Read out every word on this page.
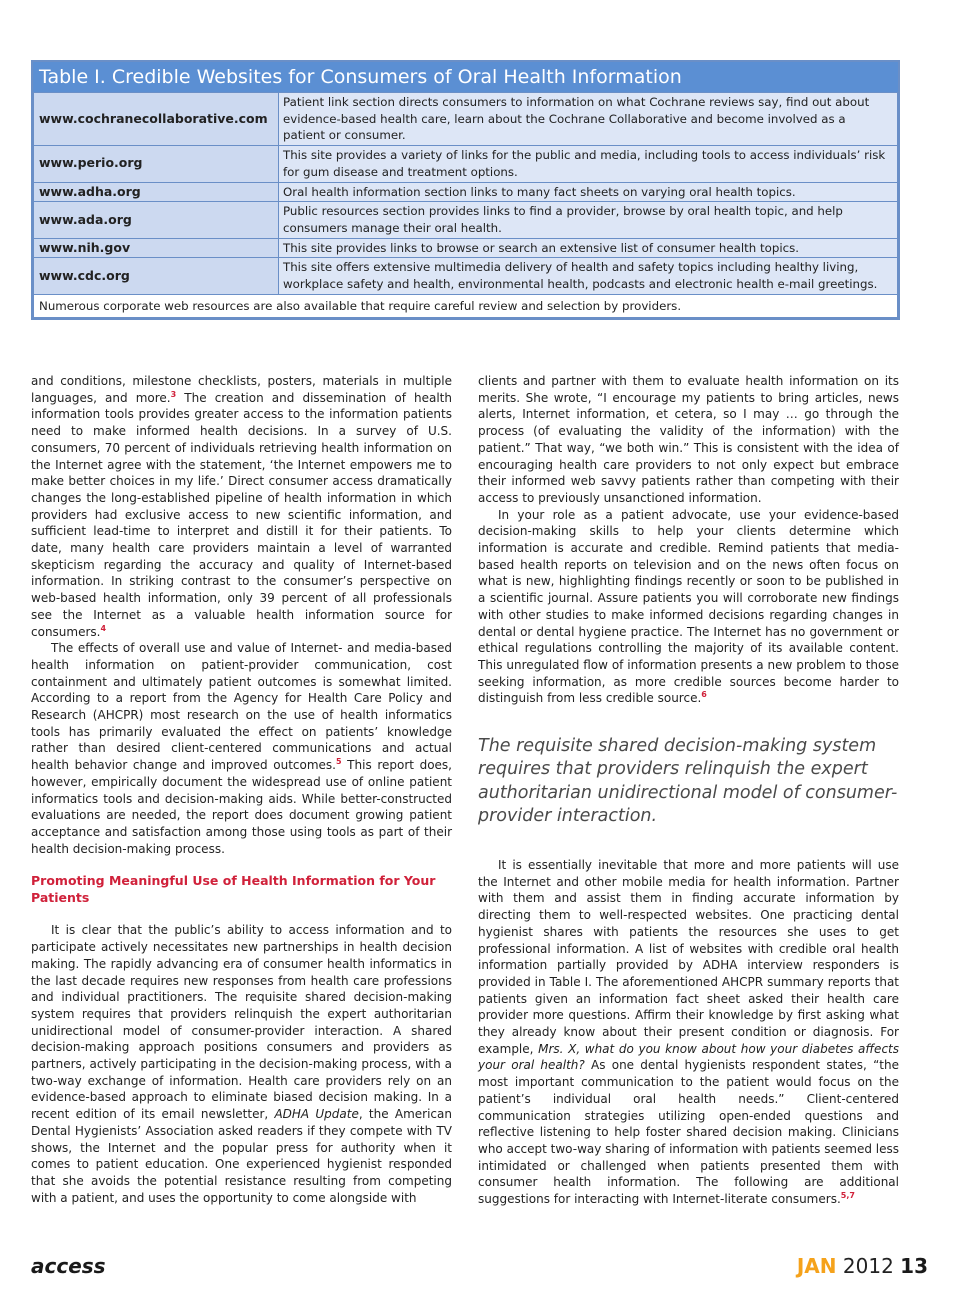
Table I. Credible Websites for Consumers of Oral Health Information
www.cochranecollaborative.com	Patient link section directs consumers to information on what Cochrane reviews say, find out about evidence-based health care, learn about the Cochrane Collaborative and become involved as a patient or consumer.
www.perio.org	This site provides a variety of links for the public and media, including tools to access individuals’ risk for gum disease and treatment options.
www.adha.org	Oral health information section links to many fact sheets on varying oral health topics.
www.ada.org	Public resources section provides links to find a provider, browse by oral health topic, and help consumers manage their oral health.
www.nih.gov	This site provides links to browse or search an extensive list of consumer health topics.
www.cdc.org	This site offers extensive multimedia delivery of health and safety topics including healthy living, workplace safety and health, environmental health, podcasts and electronic health e-mail greetings.
Numerous corporate web resources are also available that require careful review and selection by providers.	

and conditions, milestone checklists, posters, materials in multiple languages, and more.$^3$ The creation and dissemination of health information tools provides greater access to the information patients need to make informed health decisions. In a survey of U.S. consumers, 70 percent of individuals retrieving health information on the Internet agree with the statement, ‘the Internet empowers me to make better choices in my life.’ Direct consumer access dramatically changes the long-established pipeline of health information in which providers had exclusive access to new scientific information, and sufficient lead-time to interpret and distill it for their patients. To date, many health care providers maintain a level of warranted skepticism regarding the accuracy and quality of Internet-based information. In striking contrast to the consumer’s perspective on web-based health information, only 39 percent of all professionals see the Internet as a valuable health information source for consumers.$^4$

The effects of overall use and value of Internet- and media-based health information on patient-provider communication, cost containment and ultimately patient outcomes is somewhat limited. According to a report from the Agency for Health Care Policy and Research (AHCPR) most research on the use of health informatics tools has primarily evaluated the effect on patients’ knowledge rather than desired client-centered communications and actual health behavior change and improved outcomes.$^5$ This report does, however, empirically document the widespread use of online patient informatics tools and decision-making aids. While better-constructed evaluations are needed, the report does document growing patient acceptance and satisfaction among those using tools as part of their health decision-making process.

Promoting Meaningful Use of Health Information for Your Patients

It is clear that the public’s ability to access information and to participate actively necessitates new partnerships in health decision making. The rapidly advancing era of consumer health informatics in the last decade requires new responses from health care professions and individual practitioners. The requisite shared decision-making system requires that providers relinquish the expert authoritarian unidirectional model of consumer-provider interaction. A shared decision-making approach positions consumers and providers as partners, actively participating in the decision-making process, with a two-way exchange of information. Health care providers rely on an evidence-based approach to eliminate biased decision making. In a recent edition of its email newsletter, ADHA Update, the American Dental Hygienists’ Association asked readers if they compete with TV shows, the Internet and the popular press for authority when it comes to patient education. One experienced hygienist responded that she avoids the potential resistance resulting from competing with a patient, and uses the opportunity to come alongside with

clients and partner with them to evaluate health information on its merits. She wrote, “I encourage my patients to bring articles, news alerts, Internet information, et cetera, so I may … go through the process (of evaluating the validity of the information) with the patient.” That way, “we both win.” This is consistent with the idea of encouraging health care providers to not only expect but embrace their informed web savvy patients rather than competing with their access to previously unsanctioned information.

In your role as a patient advocate, use your evidence-based decision-making skills to help your clients determine which information is accurate and credible. Remind patients that media-based health reports on television and on the news often focus on what is new, highlighting findings recently or soon to be published in a scientific journal. Assure patients you will corroborate new findings with other studies to make informed decisions regarding changes in dental or dental hygiene practice. The Internet has no government or ethical regulations controlling the majority of its available content. This unregulated flow of information presents a new problem to those seeking information, as more credible sources become harder to distinguish from less credible source.$^6$

The requisite shared decision-making system requires that providers relinquish the expert authoritarian unidirectional model of consumer-provider interaction.

It is essentially inevitable that more and more patients will use the Internet and other mobile media for health information. Partner with them and assist them in finding accurate information by directing them to well-respected websites. One practicing dental hygienist shares with patients the resources she uses to get professional information. A list of websites with credible oral health information partially provided by ADHA interview responders is provided in Table I. The aforementioned AHCPR summary reports that patients given an information fact sheet asked their health care provider more questions. Affirm their knowledge by first asking what they already know about their present condition or diagnosis. For example, Mrs. X, what do you know about how your diabetes affects your oral health? As one dental hygienists respondent states, “the most important communication to the patient would focus on the patient’s individual oral health needs.” Client-centered communication strategies utilizing open-ended questions and reflective listening to help foster shared decision making. Clinicians who accept two-way sharing of information with patients seemed less intimidated or challenged when patients presented them with consumer health information. The following are additional suggestions for interacting with Internet-literate consumers.$^{5,7}$

access	JAN 2012 13
